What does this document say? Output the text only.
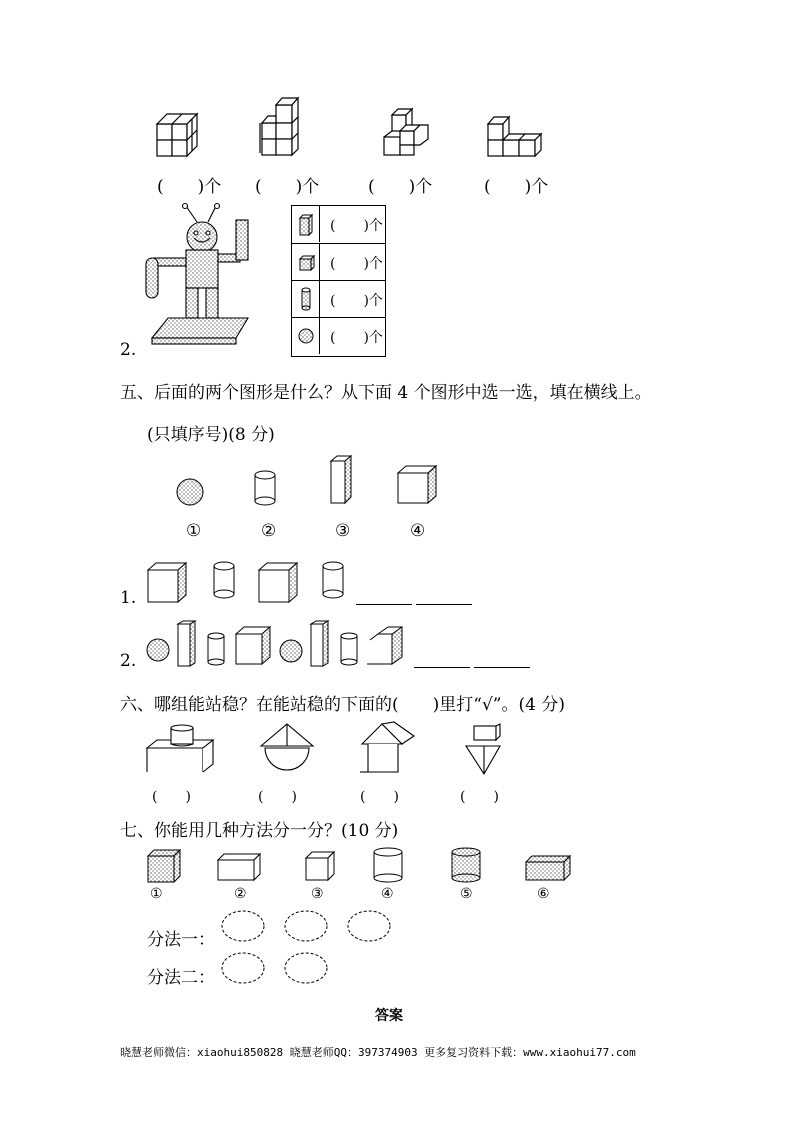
(　　)个 (　　)个	(　　)个	(　　)个
2.
(　　)个
(　　)个
(　　)个
(　　)个
五、后面的两个图形是什么？从下面 4 个图形中选一选，填在横线上。
(只填序号)(8 分)
①	②	③	④
1.
2.
六、哪组能站稳？在能站稳的下面的(　　)里打“√”。(4 分)
(　　)	(　　)	(　　)	(　　)
七、你能用几种方法分一分？(10 分)
①	②	③	④	⑤	⑥
分法一：
分法二：
答案
晓慧老师微信：xiaohui850828 晓慧老师QQ：397374903 更多复习资料下载：www.xiaohui77.com
